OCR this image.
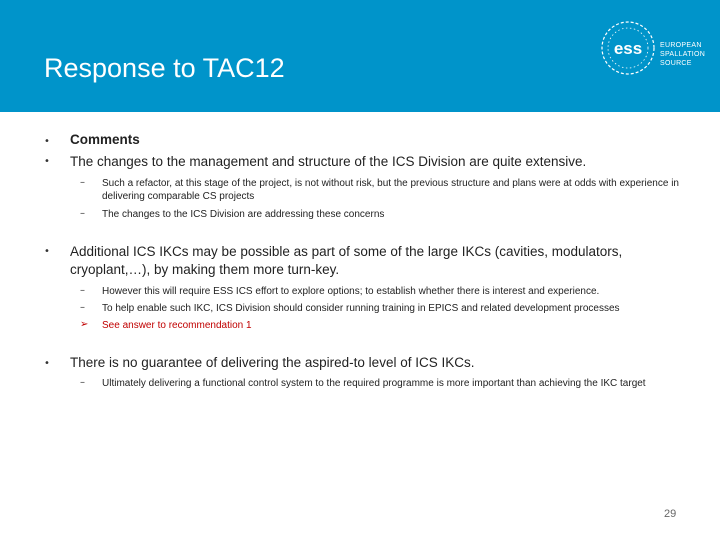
Response to TAC12
ess	EUROPEAN
SPALLATION
SOURCE
• Comments
• The changes to the management and structure of the ICS Division are quite extensive.
– Such a refactor, at this stage of the project, is not without risk, but the previous structure and plans were at odds with experience in delivering comparable CS projects
– The changes to the ICS Division are addressing these concerns
• Additional ICS IKCs may be possible as part of some of the large IKCs (cavities, modulators, cryoplant,…), by making them more turn-key.
– However this will require ESS ICS effort to explore options; to establish whether there is interest and experience.
– To help enable such IKC, ICS Division should consider running training in EPICS and related development processes
➢ See answer to recommendation 1
• There is no guarantee of delivering the aspired-to level of ICS IKCs.
– Ultimately delivering a functional control system to the required programme is more important than achieving the IKC target
29
